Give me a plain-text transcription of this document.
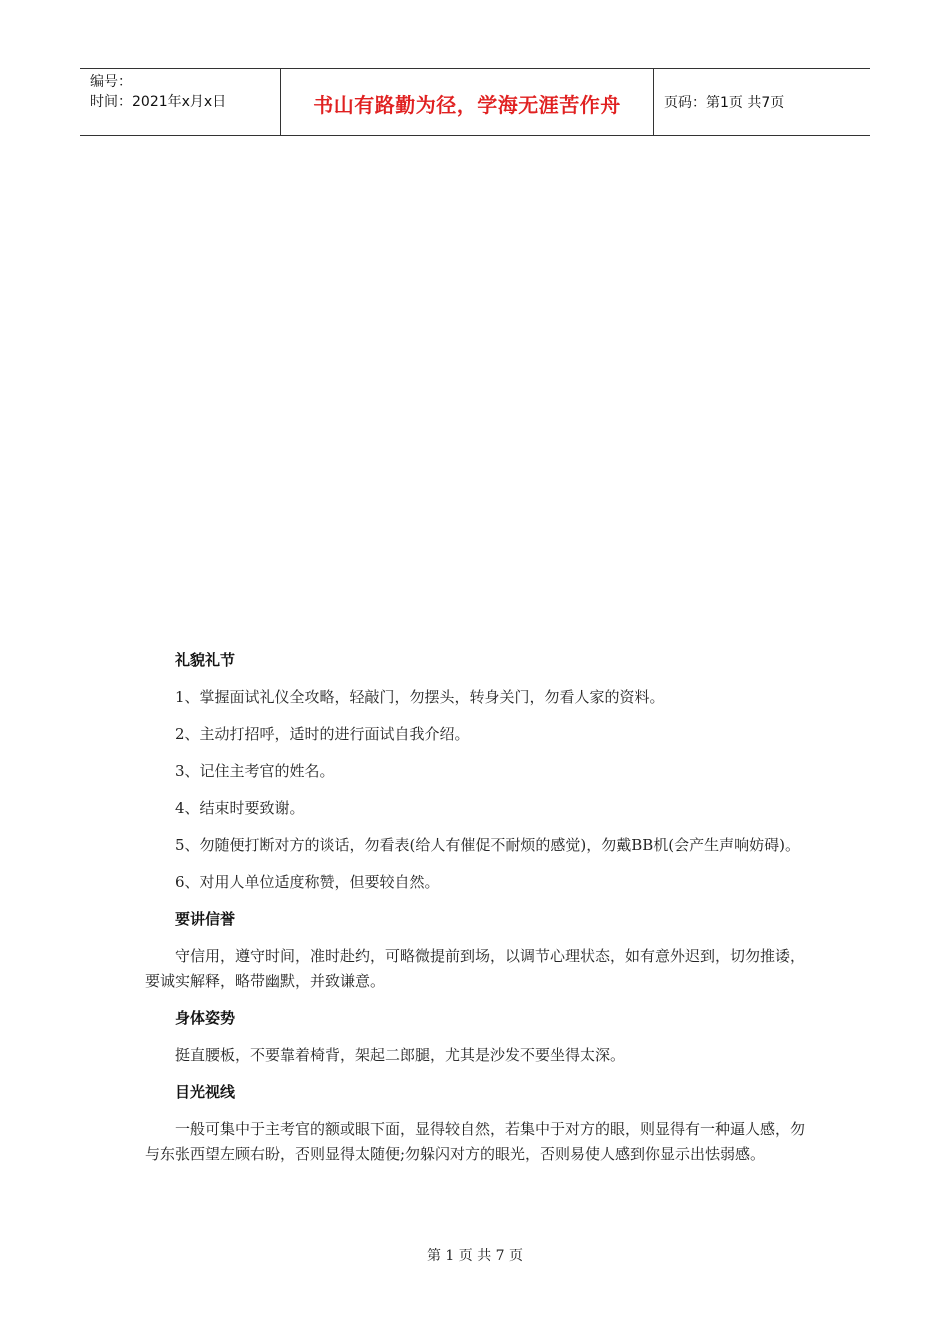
编号：
时间：2021年x月x日	书山有路勤为径，学海无涯苦作舟	页码：第1页 共7页
礼貌礼节
1、掌握面试礼仪全攻略，轻敲门，勿摆头，转身关门，勿看人家的资料。
2、主动打招呼，适时的进行面试自我介绍。
3、记住主考官的姓名。
4、结束时要致谢。
5、勿随便打断对方的谈话，勿看表(给人有催促不耐烦的感觉)，勿戴BB机(会产生声响妨碍)。
6、对用人单位适度称赞，但要较自然。
要讲信誉
守信用，遵守时间，准时赴约，可略微提前到场，以调节心理状态，如有意外迟到，切勿推诿，要诚实解释，略带幽默，并致谦意。
身体姿势
挺直腰板，不要靠着椅背，架起二郎腿，尤其是沙发不要坐得太深。
目光视线
一般可集中于主考官的额或眼下面，显得较自然，若集中于对方的眼，则显得有一种逼人感，勿与东张西望左顾右盼，否则显得太随便;勿躲闪对方的眼光，否则易使人感到你显示出怯弱感。
第 1 页 共 7 页
